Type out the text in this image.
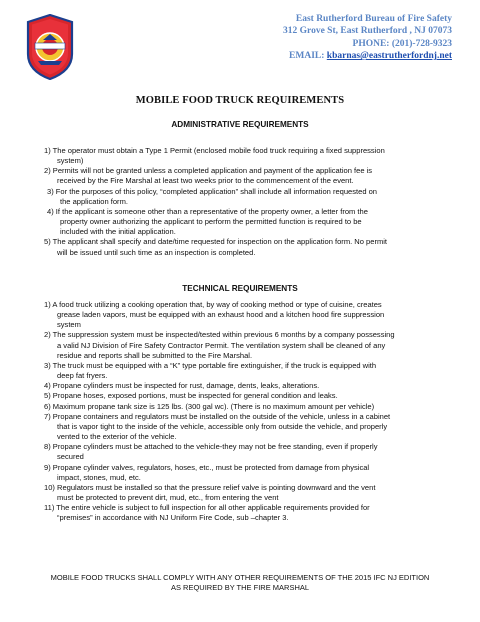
East Rutherford Bureau of Fire Safety
312 Grove St, East Rutherford , NJ 07073
PHONE: (201)-728-9323
EMAIL: kbarnas@eastrutherfordnj.net
MOBILE FOOD TRUCK REQUIREMENTS
ADMINISTRATIVE REQUIREMENTS
1) The operator must obtain a Type 1 Permit (enclosed mobile food truck requiring a fixed suppression
system)
2) Permits will not be granted unless a completed application and payment of the application fee is
received by the Fire Marshal at least two weeks prior to the commencement of the event.
3) For the purposes of this policy, “completed application” shall include all information requested on
the application form.
4) If the applicant is someone other than a representative of the property owner, a letter from the
property owner authorizing the applicant to perform the permitted function is required to be
included with the initial application.
5) The applicant shall specify and date/time requested for inspection on the application form. No permit
will be issued until such time as an inspection is completed.
TECHNICAL REQUIREMENTS
1) A food truck utilizing a cooking operation that, by way of cooking method or type of cuisine, creates
grease laden vapors, must be equipped with an exhaust hood and a kitchen hood fire suppression
system
2) The suppression system must be inspected/tested within previous 6 months by a company possessing
a valid NJ Division of Fire Safety Contractor Permit. The ventilation system shall be cleaned of any
residue and reports shall be submitted to the Fire Marshal.
3) The truck must be equipped with a “K” type portable fire extinguisher, if the truck is equipped with
deep fat fryers.
4) Propane cylinders must be inspected for rust, damage, dents, leaks, alterations.
5) Propane hoses, exposed portions, must be inspected for general condition and leaks.
6) Maximum propane tank size is 125 lbs. (300 gal wc). (There is no maximum amount per vehicle)
7) Propane containers and regulators must be installed on the outside of the vehicle, unless in a cabinet
that is vapor tight to the inside of the vehicle, accessible only from outside the vehicle, and properly
vented to the exterior of the vehicle.
8) Propane cylinders must be attached to the vehicle-they may not be free standing, even if properly
secured
9) Propane cylinder valves, regulators, hoses, etc., must be protected from damage from physical
impact, stones, mud, etc.
10) Regulators must be installed so that the pressure relief valve is pointing downward and the vent
must be protected to prevent dirt, mud, etc., from entering the vent
11) The entire vehicle is subject to full inspection for all other applicable requirements provided for
“premises” in accordance with NJ Uniform Fire Code, sub –chapter 3.
MOBILE FOOD TRUCKS SHALL COMPLY WITH ANY OTHER REQUIREMENTS OF THE 2015 IFC NJ EDITION
AS REQUIRED BY THE FIRE MARSHAL
